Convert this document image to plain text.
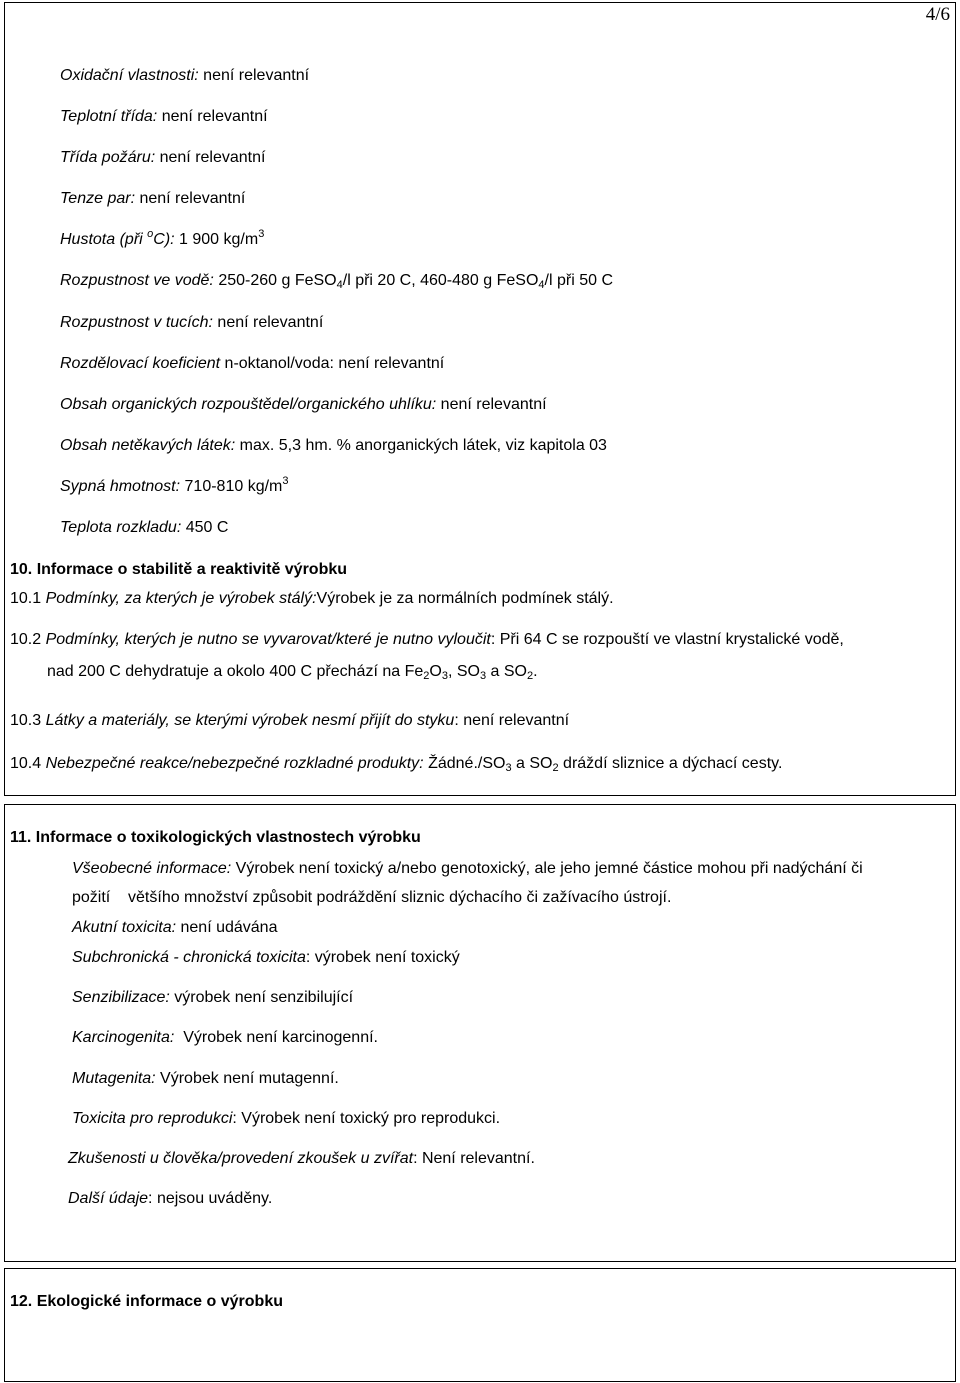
4/6
Oxidační vlastnosti: není relevantní
Teplotní třída: není relevantní
Třída požáru: není relevantní
Tenze par: není relevantní
Hustota (při $^o$C): 1 900 $kg/m^3$
Rozpustnost ve vodě: 250-260 g FeSO$_4$/l při 20 C, 460-480 g FeSO$_4$/l při 50 C
Rozpustnost v tucích: není relevantní
Rozdělovací koeficient n-oktanol/voda: není relevantní
Obsah organických rozpouštědel/organického uhlíku: není relevantní
Obsah netěkavých látek: max. 5,3 hm. % anorganických látek, viz kapitola 03
Sypná hmotnost: 710-810 $kg/m^3$
Teplota rozkladu: 450 C
10. Informace o stabilitě a reaktivitě výrobku
10.1 Podmínky, za kterých je výrobek stálý:Výrobek je za normálních podmínek stálý.
10.2 Podmínky, kterých je nutno se vyvarovat/které je nutno vyloučit: Při 64 C se rozpouští ve vlastní krystalické vodě,
nad 200 C dehydratuje a okolo 400 C přechází na $Fe_2O_3$, $SO_3$ a $SO_2$.
10.3 Látky a materiály, se kterými výrobek nesmí přijít do styku: není relevantní
10.4 Nebezpečné reakce/nebezpečné rozkladné produkty: $Žádné./SO_3$ a $SO_2$ dráždí sliznice a dýchací cesty.
11. Informace o toxikologických vlastnostech výrobku
Všeobecné informace: Výrobek není toxický a/nebo genotoxický, ale jeho jemné částice mohou při nadýchání či
požití    většího množství způsobit podráždění sliznic dýchacího či zažívacího ústrojí.
Akutní toxicita: není udávána
Subchronická - chronická toxicita: výrobek není toxický
Senzibilizace: výrobek není senzibilující
Karcinogenita:  Výrobek není karcinogenní.
Mutagenita: Výrobek není mutagenní.
Toxicita pro reprodukci: Výrobek není toxický pro reprodukci.
Zkušenosti u člověka/provedení zkoušek u zvířat: Není relevantní.
Další údaje: nejsou uváděny.
12. Ekologické informace o výrobku
